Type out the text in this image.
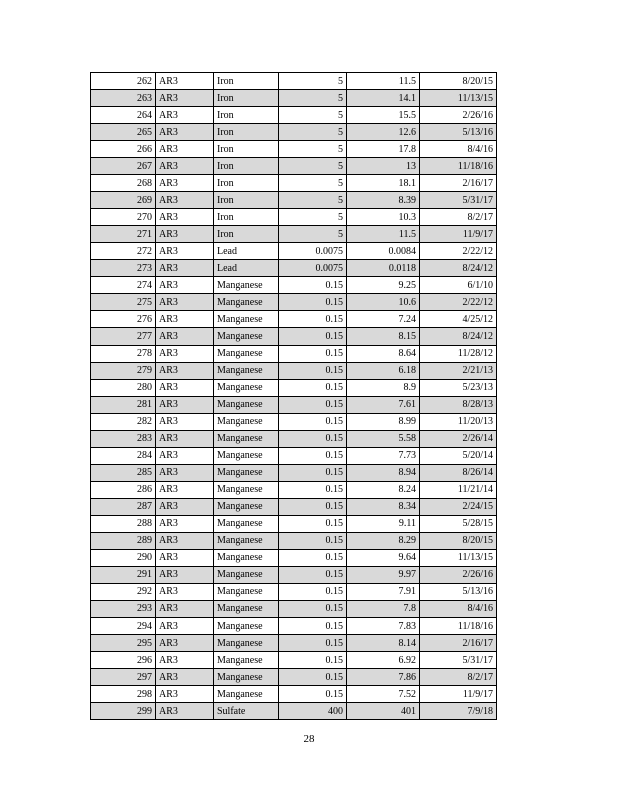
262	AR3	Iron	5	11.5	8/20/15
263	AR3	Iron	5	14.1	11/13/15
264	AR3	Iron	5	15.5	2/26/16
265	AR3	Iron	5	12.6	5/13/16
266	AR3	Iron	5	17.8	8/4/16
267	AR3	Iron	5	13	11/18/16
268	AR3	Iron	5	18.1	2/16/17
269	AR3	Iron	5	8.39	5/31/17
270	AR3	Iron	5	10.3	8/2/17
271	AR3	Iron	5	11.5	11/9/17
272	AR3	Lead	0.0075	0.0084	2/22/12
273	AR3	Lead	0.0075	0.0118	8/24/12
274	AR3	Manganese	0.15	9.25	6/1/10
275	AR3	Manganese	0.15	10.6	2/22/12
276	AR3	Manganese	0.15	7.24	4/25/12
277	AR3	Manganese	0.15	8.15	8/24/12
278	AR3	Manganese	0.15	8.64	11/28/12
279	AR3	Manganese	0.15	6.18	2/21/13
280	AR3	Manganese	0.15	8.9	5/23/13
281	AR3	Manganese	0.15	7.61	8/28/13
282	AR3	Manganese	0.15	8.99	11/20/13
283	AR3	Manganese	0.15	5.58	2/26/14
284	AR3	Manganese	0.15	7.73	5/20/14
285	AR3	Manganese	0.15	8.94	8/26/14
286	AR3	Manganese	0.15	8.24	11/21/14
287	AR3	Manganese	0.15	8.34	2/24/15
288	AR3	Manganese	0.15	9.11	5/28/15
289	AR3	Manganese	0.15	8.29	8/20/15
290	AR3	Manganese	0.15	9.64	11/13/15
291	AR3	Manganese	0.15	9.97	2/26/16
292	AR3	Manganese	0.15	7.91	5/13/16
293	AR3	Manganese	0.15	7.8	8/4/16
294	AR3	Manganese	0.15	7.83	11/18/16
295	AR3	Manganese	0.15	8.14	2/16/17
296	AR3	Manganese	0.15	6.92	5/31/17
297	AR3	Manganese	0.15	7.86	8/2/17
298	AR3	Manganese	0.15	7.52	11/9/17
299	AR3	Sulfate	400	401	7/9/18
28
